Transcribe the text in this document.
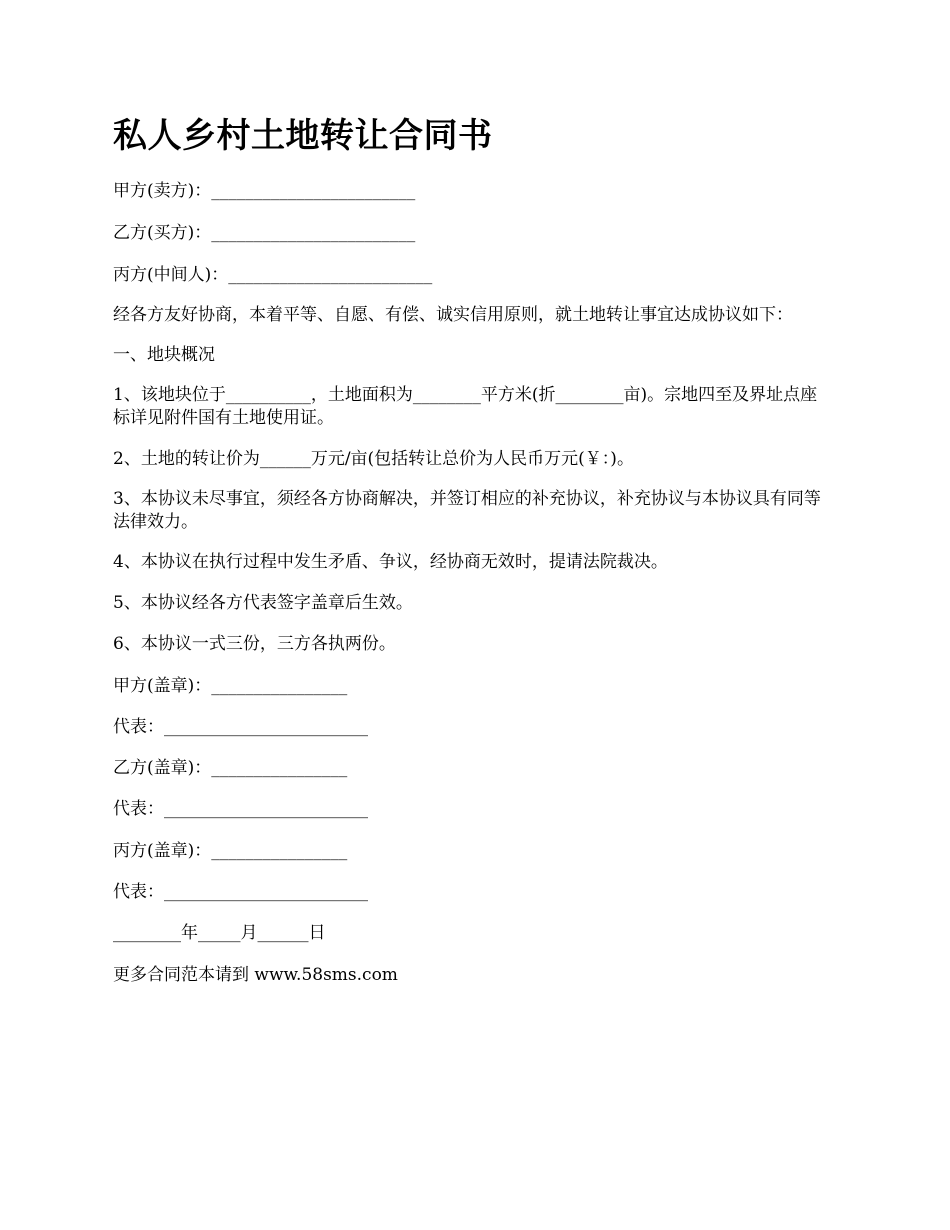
私人乡村土地转让合同书

甲方(卖方)：________________________

乙方(买方)：________________________

丙方(中间人)：________________________

经各方友好协商，本着平等、自愿、有偿、诚实信用原则，就土地转让事宜达成协议如下：

一、地块概况

1、该地块位于__________，土地面积为________平方米(折________亩)。宗地四至及界址点座标详见附件国有土地使用证。

2、土地的转让价为______万元/亩(包括转让总价为人民币万元(￥：)。

3、本协议未尽事宜，须经各方协商解决，并签订相应的补充协议，补充协议与本协议具有同等法律效力。

4、本协议在执行过程中发生矛盾、争议，经协商无效时，提请法院裁决。

5、本协议经各方代表签字盖章后生效。

6、本协议一式三份，三方各执两份。

甲方(盖章)：________________

代表：________________________

乙方(盖章)：________________

代表：________________________

丙方(盖章)：________________

代表：________________________

________年_____月______日

更多合同范本请到 www.58sms.com
